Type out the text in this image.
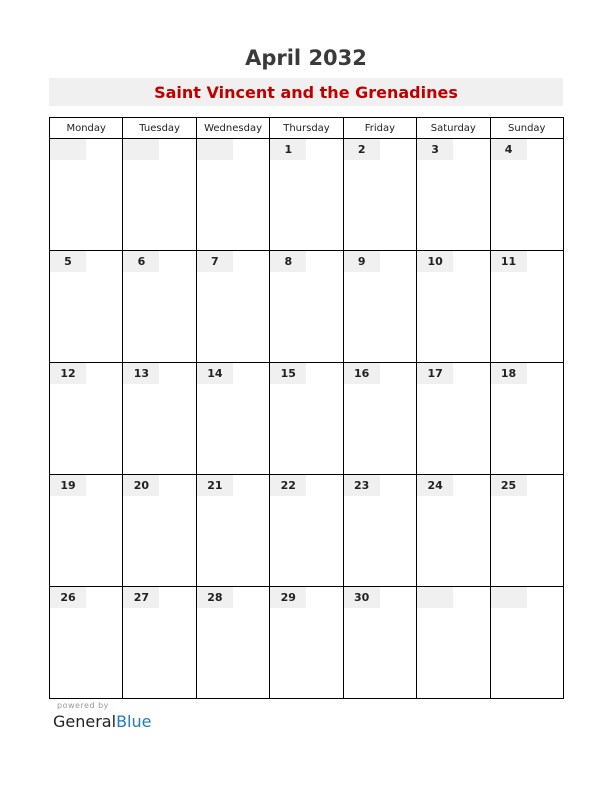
April 2032
Saint Vincent and the Grenadines
Monday	Tuesday	Wednesday	Thursday	Friday	Saturday	Sunday

			1	2	3	4

5	6	7	8	9	10	11

12	13	14	15	16	17	18

19	20	21	22	23	24	25

26	27	28	29	30		

powered by
GeneralBlue
